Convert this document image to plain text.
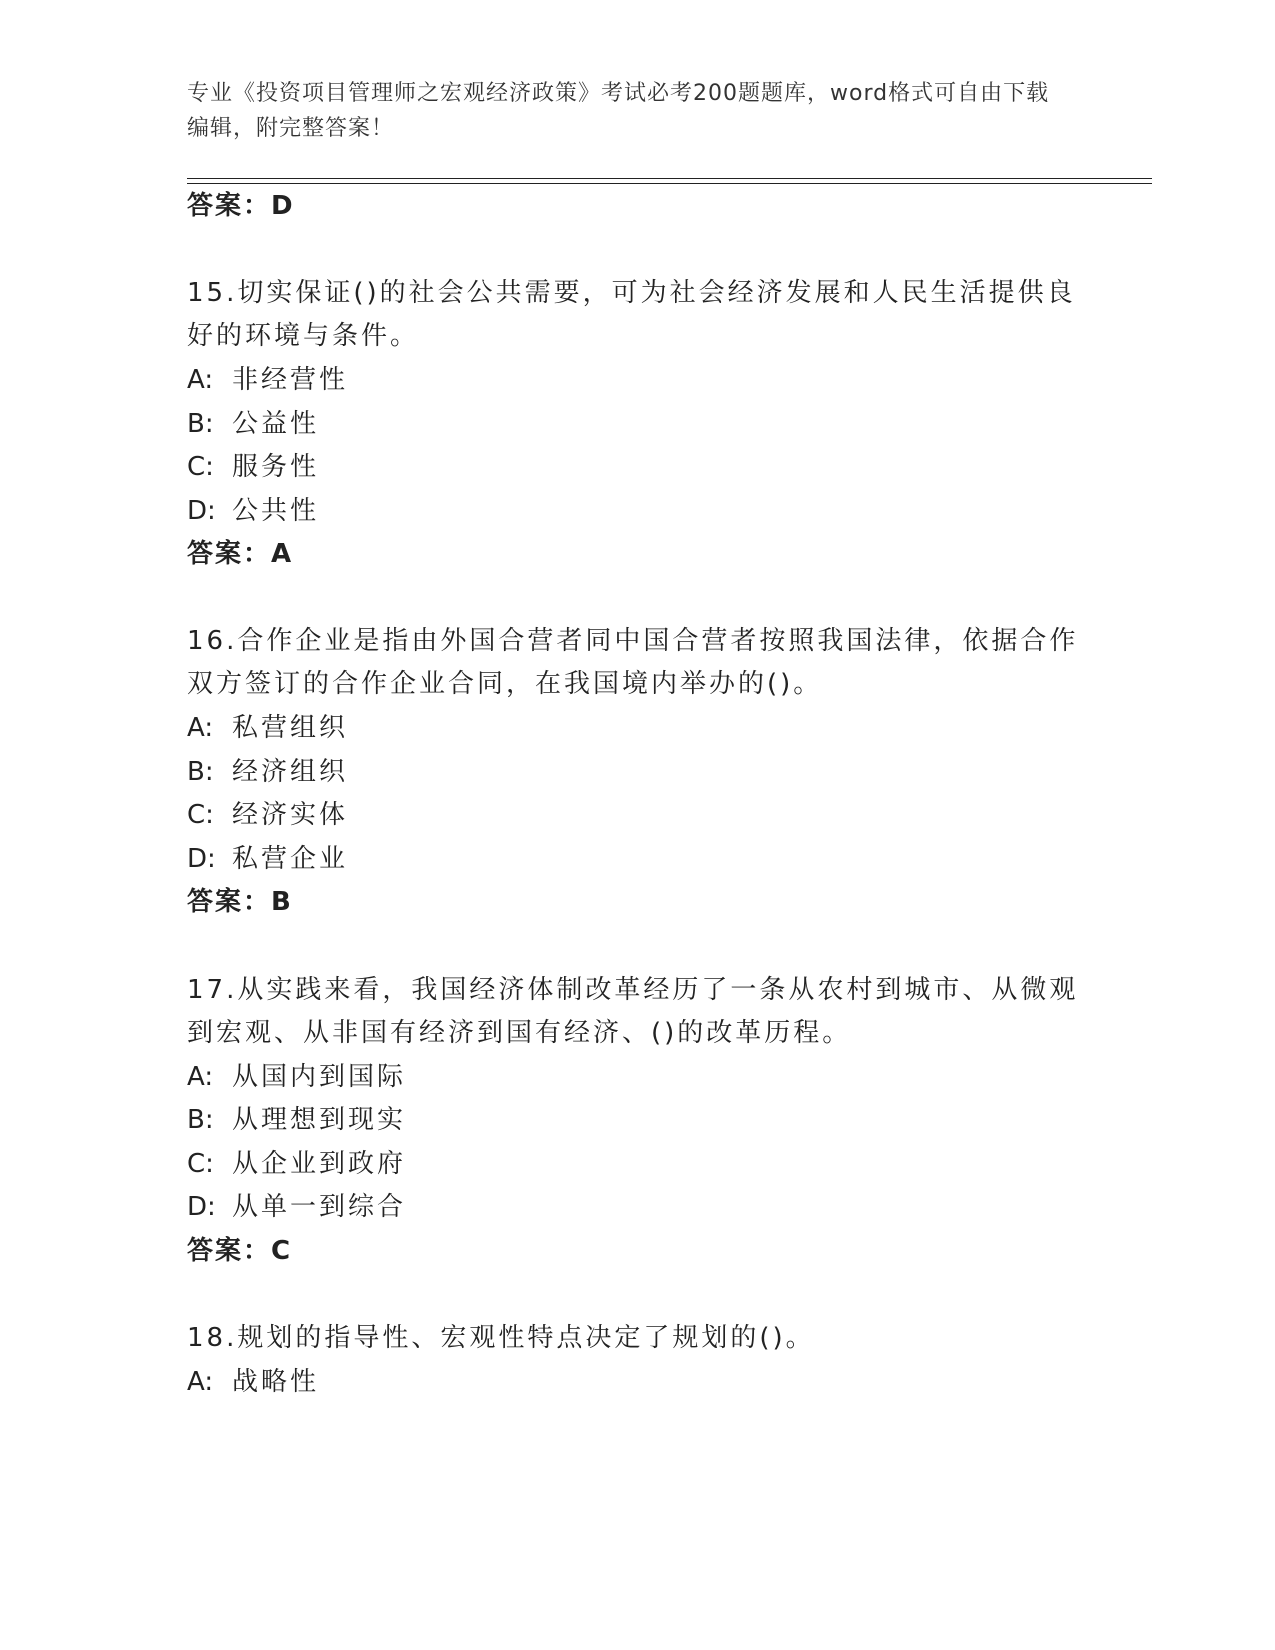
专业《投资项目管理师之宏观经济政策》考试必考200题题库，word格式可自由下载编辑，附完整答案！
答案：D
15.切实保证()的社会公共需要，可为社会经济发展和人民生活提供良
好的环境与条件。
A: 非经营性
B: 公益性
C: 服务性
D: 公共性
答案：A
16.合作企业是指由外国合营者同中国合营者按照我国法律，依据合作
双方签订的合作企业合同，在我国境内举办的()。
A: 私营组织
B: 经济组织
C: 经济实体
D: 私营企业
答案：B
17.从实践来看，我国经济体制改革经历了一条从农村到城市、从微观
到宏观、从非国有经济到国有经济、()的改革历程。
A: 从国内到国际
B: 从理想到现实
C: 从企业到政府
D: 从单一到综合
答案：C
18.规划的指导性、宏观性特点决定了规划的()。
A: 战略性
